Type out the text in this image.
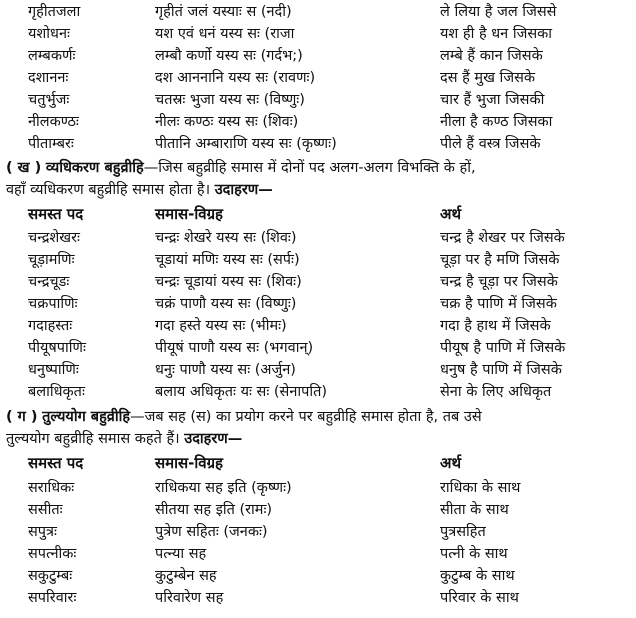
गृहीतजला	गृहीतं जलं यस्याः स (नदी)	ले लिया है जल जिससे
यशोधनः	यश एवं धनं यस्य सः (राजा	यश ही है धन जिसका
लम्बकर्णः	लम्बौ कर्णो यस्य सः (गर्दभ;)	लम्बे हैं कान जिसके
दशाननः	दश आननानि यस्य सः (रावणः)	दस हैं मुख जिसके
चतुर्भुजः	चतस्रः भुजा यस्य सः (विष्णुः)	चार हैं भुजा जिसकी
नीलकण्ठः	नीलः कण्ठः यस्य सः (शिवः)	नीला है कण्ठ जिसका
पीताम्बरः	पीतानि अम्बाराणि यस्य सः (कृष्णः)	पीले हैं वस्त्र जिसके
( ख ) व्यधिकरण बहुव्रीहि—जिस बहुव्रीहि समास में दोनों पद अलग-अलग विभक्ति के हों,
वहाँ व्यधिकरण बहुव्रीहि समास होता है। उदाहरण—
समस्त पद	समास-विग्रह	अर्थ
चन्द्रशेखरः	चन्द्रः शेखरे यस्य सः (शिवः)	चन्द्र है शेखर पर जिसके
चूड़ामणिः	चूडायां मणिः यस्य सः (सर्पः)	चूड़ा पर है मणि जिसके
चन्द्रचूडः	चन्द्रः चूडायां यस्य सः (शिवः)	चन्द्र है चूड़ा पर जिसके
चक्रपाणिः	चक्रं पाणौ यस्य सः (विष्णुः)	चक्र है पाणि में जिसके
गदाहस्तः	गदा हस्ते यस्य सः (भीमः)	गदा है हाथ में जिसके
पीयूषपाणिः	पीयूषं पाणौ यस्य सः (भगवान्)	पीयूष है पाणि में जिसके
धनुष्पाणिः	धनुः पाणौ यस्य सः (अर्जुन)	धनुष है पाणि में जिसके
बलाधिकृतः	बलाय अधिकृतः यः सः (सेनापति)	सेना के लिए अधिकृत
( ग ) तुल्ययोग बहुव्रीहि—जब सह (स) का प्रयोग करने पर बहुव्रीहि समास होता है, तब उसे
तुल्ययोग बहुव्रीहि समास कहते हैं। उदाहरण—
समस्त पद	समास-विग्रह	अर्थ
सराधिकः	राधिकया सह इति (कृष्णः)	राधिका के साथ
ससीतः	सीतया सह इति (रामः)	सीता के साथ
सपुत्रः	पुत्रेण सहितः (जनकः)	पुत्रसहित
सपत्नीकः	पत्न्या सह	पत्नी के साथ
सकुटुम्बः	कुटुम्बेन सह	कुटुम्ब के साथ
सपरिवारः	परिवारेण सह	परिवार के साथ
